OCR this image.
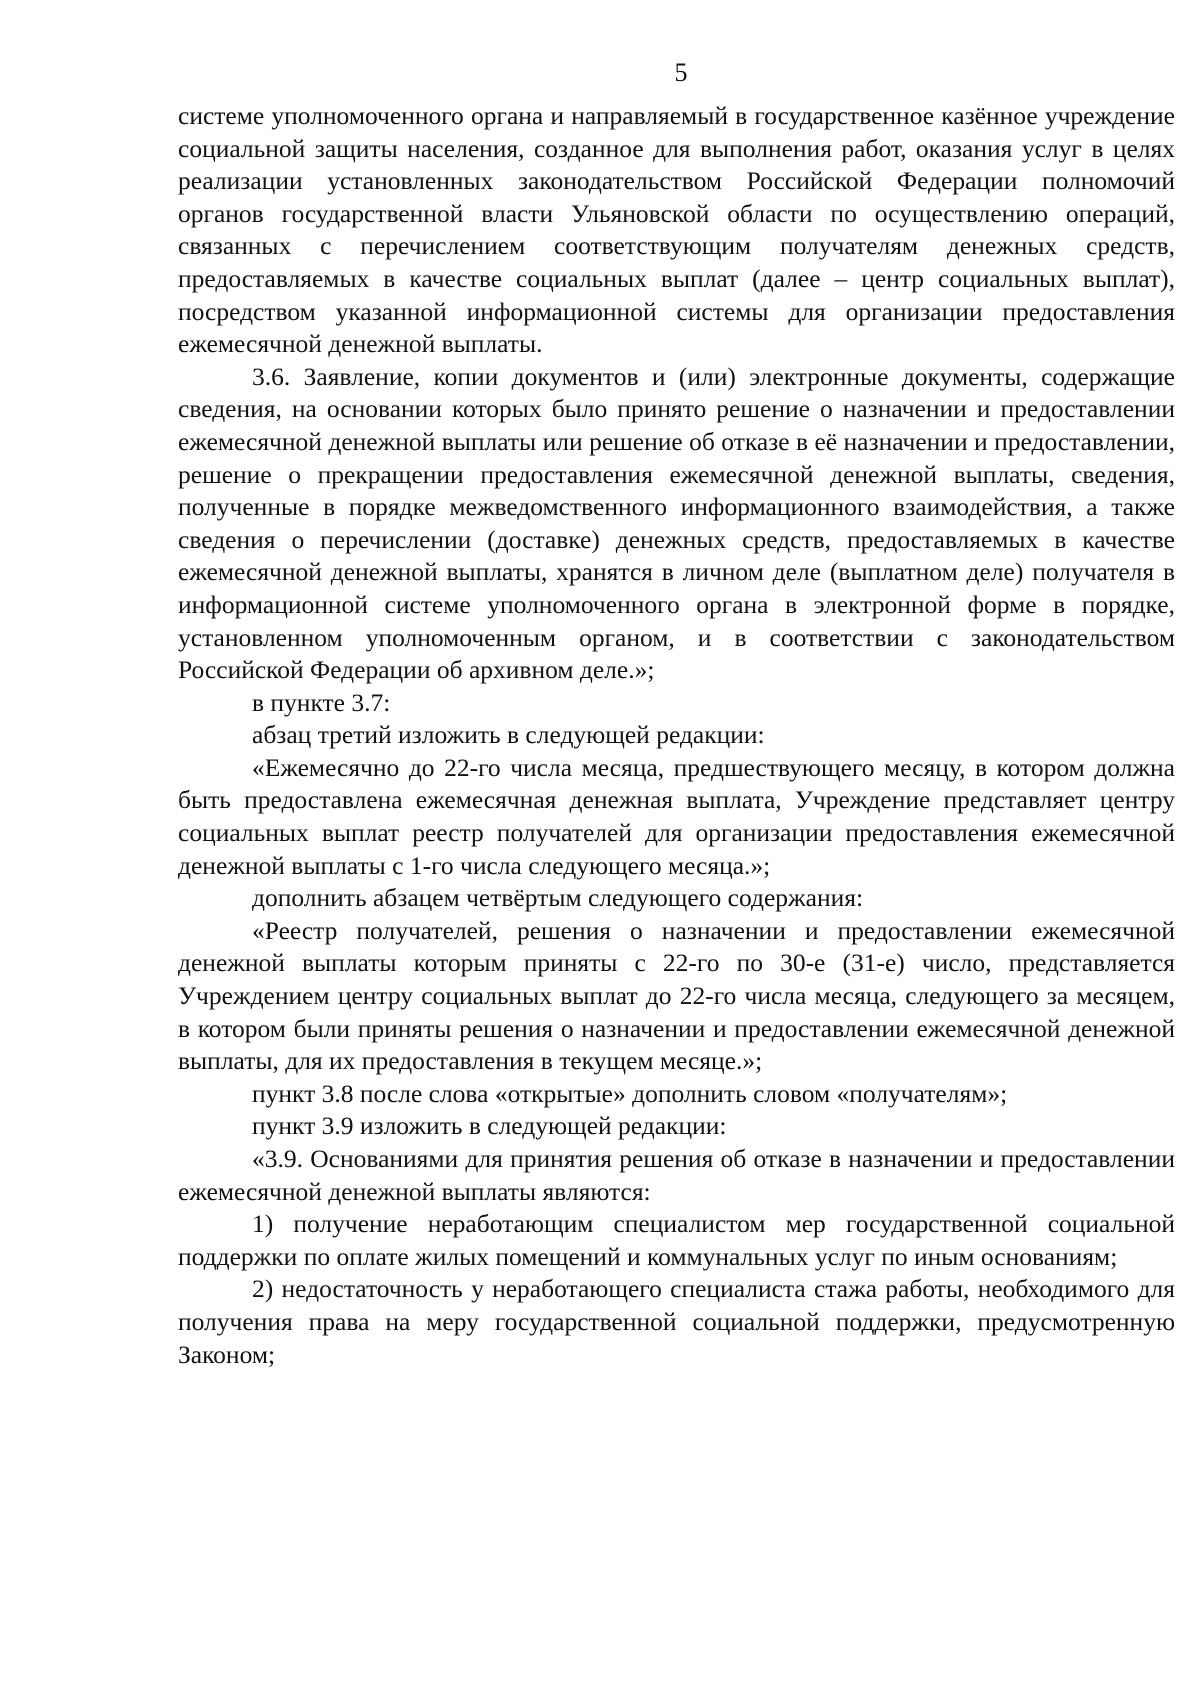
5

системе уполномоченного органа и направляемый в государственное казённое учреждение социальной защиты населения, созданное для выполнения работ, оказания услуг в целях реализации установленных законодательством Российской Федерации полномочий органов государственной власти Ульяновской области по осуществлению операций, связанных с перечислением соответствующим получателям денежных средств, предоставляемых в качестве социальных выплат (далее – центр социальных выплат), посредством указанной информационной системы для организации предоставления ежемесячной денежной выплаты.

3.6. Заявление, копии документов и (или) электронные документы, содержащие сведения, на основании которых было принято решение о назначении и предоставлении ежемесячной денежной выплаты или решение об отказе в её назначении и предоставлении, решение о прекращении предоставления ежемесячной денежной выплаты, сведения, полученные в порядке межведомственного информационного взаимодействия, а также сведения о перечислении (доставке) денежных средств, предоставляемых в качестве ежемесячной денежной выплаты, хранятся в личном деле (выплатном деле) получателя в информационной системе уполномоченного органа в электронной форме в порядке, установленном уполномоченным органом, и в соответствии с законодательством Российской Федерации об архивном деле.»;

в пункте 3.7:

абзац третий изложить в следующей редакции:

«Ежемесячно до 22-го числа месяца, предшествующего месяцу, в котором должна быть предоставлена ежемесячная денежная выплата, Учреждение представляет центру социальных выплат реестр получателей для организации предоставления ежемесячной денежной выплаты с 1-го числа следующего месяца.»;

дополнить абзацем четвёртым следующего содержания:

«Реестр получателей, решения о назначении и предоставлении ежемесячной денежной выплаты которым приняты с 22-го по 30-е (31-е) число, представляется Учреждением центру социальных выплат до 22-го числа месяца, следующего за месяцем, в котором были приняты решения о назначении и предоставлении ежемесячной денежной выплаты, для их предоставления в текущем месяце.»;

пункт 3.8 после слова «открытые» дополнить словом «получателям»;

пункт 3.9 изложить в следующей редакции:

«3.9. Основаниями для принятия решения об отказе в назначении и предоставлении ежемесячной денежной выплаты являются:

1) получение неработающим специалистом мер государственной социальной поддержки по оплате жилых помещений и коммунальных услуг по иным основаниям;

2) недостаточность у неработающего специалиста стажа работы, необходимого для получения права на меру государственной социальной поддержки, предусмотренную Законом;
